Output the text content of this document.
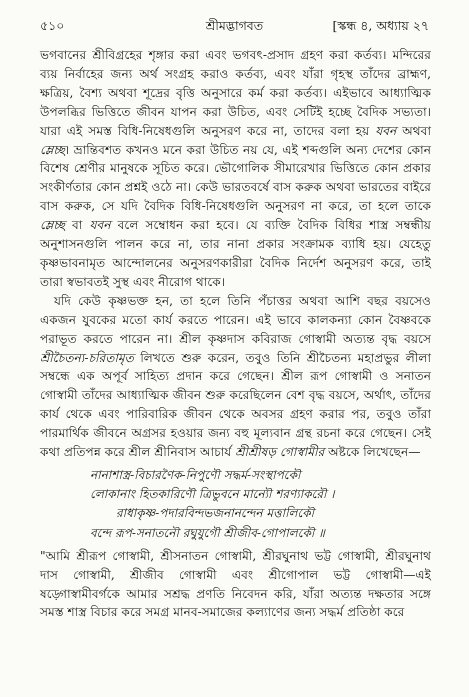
৫১০	শ্রীমদ্ভাগবত	[স্কন্ধ ৪, অধ্যায় ২৭

ভগবানের শ্রীবিগ্রহের শৃঙ্গার করা এবং ভগবৎ-প্রসাদ গ্রহণ করা কর্তব্য। মন্দিরের ব্যয় নির্বাহের জন্য অর্থ সংগ্রহ করাও কর্তব্য, এবং যাঁরা গৃহস্থ তাঁদের ব্রাহ্মণ, ক্ষত্রিয়, বৈশ্য অথবা শূদ্রের বৃত্তি অনুসারে কর্ম করা কর্তব্য। এইভাবে আধ্যাত্মিক উপলব্ধির ভিত্তিতে জীবন যাপন করা উচিত, এবং সেটিই হচ্ছে বৈদিক সভ্যতা। যারা এই সমস্ত বিধি-নিষেধগুলি অনুসরণ করে না, তাদের বলা হয় যবন অথবা ম্লেচ্ছ। ভ্রান্তিবশত কখনও মনে করা উচিত নয় যে, এই শব্দগুলি অন্য দেশের কোন বিশেষ শ্রেণীর মানুষকে সূচিত করে। ভৌগোলিক সীমারেখার ভিত্তিতে কোন প্রকার সংকীর্ণতার কোন প্রশ্নই ওঠে না। কেউ ভারতবর্ষে বাস করুক অথবা ভারতের বাইরে বাস করুক, সে যদি বৈদিক বিধি-নিষেধগুলি অনুসরণ না করে, তা হলে তাকে ম্লেচ্ছ বা যবন বলে সম্বোধন করা হবে। যে ব্যক্তি বৈদিক বিধির শাস্ত্র সম্বন্ধীয় অনুশাসনগুলি পালন করে না, তার নানা প্রকার সংক্রামক ব্যাধি হয়। যেহেতু কৃষ্ণভাবনামৃত আন্দোলনের অনুসরণকারীরা বৈদিক নির্দেশ অনুসরণ করে, তাই তারা স্বভাবতই সুস্থ এবং নীরোগ থাকে।

যদি কেউ কৃষ্ণভক্ত হন, তা হলে তিনি পঁচাত্তর অথবা আশি বছর বয়সেও একজন যুবকের মতো কার্য করতে পারেন। এই ভাবে কালকন্যা কোন বৈষ্ণবকে পরাভূত করতে পারেন না। শ্রীল কৃষ্ণদাস কবিরাজ গোস্বামী অত্যন্ত বৃদ্ধ বয়সে শ্রীচৈতন্য-চরিতামৃত লিখতে শুরু করেন, তবুও তিনি শ্রীচৈতন্য মহাপ্রভুর লীলা সম্বন্ধে এক অপূর্ব সাহিত্য প্রদান করে গেছেন। শ্রীল রূপ গোস্বামী ও সনাতন গোস্বামী তাঁদের আধ্যাত্মিক জীবন শুরু করেছিলেন বেশ বৃদ্ধ বয়সে, অর্থাৎ, তাঁদের কার্য থেকে এবং পারিবারিক জীবন থেকে অবসর গ্রহণ করার পর, তবুও তাঁরা পারমার্থিক জীবনে অগ্রসর হওয়ার জন্য বহু মূল্যবান গ্রন্থ রচনা করে গেছেন। সেই কথা প্রতিপন্ন করে শ্রীল শ্রীনিবাস আচার্য শ্রীশ্রীষড় গোস্বামীর অষ্টকে লিখেছেন—

নানাশাস্ত্র-বিচারণৈক-নিপুণৌ সদ্ধর্ম-সংস্থাপকৌ
লোকানাং হিতকারিণৌ ত্রিভুবনে মান্যৌ শরণ্যাকরৌ ।
রাধাকৃষ্ণ-পদারবিন্দভজনানন্দেন মত্তালিকৌ
বন্দে রূপ-সনাতনৌ রঘুযুগৌ শ্রীজীব-গোপালকৌ ॥

"আমি শ্রীরূপ গোস্বামী, শ্রীসনাতন গোস্বামী, শ্রীরঘুনাথ ভট্ট গোস্বামী, শ্রীরঘুনাথ দাস গোস্বামী, শ্রীজীব গোস্বামী এবং শ্রীগোপাল ভট্ট গোস্বামী—এই ষড়্গোস্বামীবর্গকে আমার সশ্রদ্ধ প্রণতি নিবেদন করি, যাঁরা অত্যন্ত দক্ষতার সঙ্গে সমস্ত শাস্ত্র বিচার করে সমগ্র মানব-সমাজের কল্যাণের জন্য সদ্ধর্ম প্রতিষ্ঠা করে
